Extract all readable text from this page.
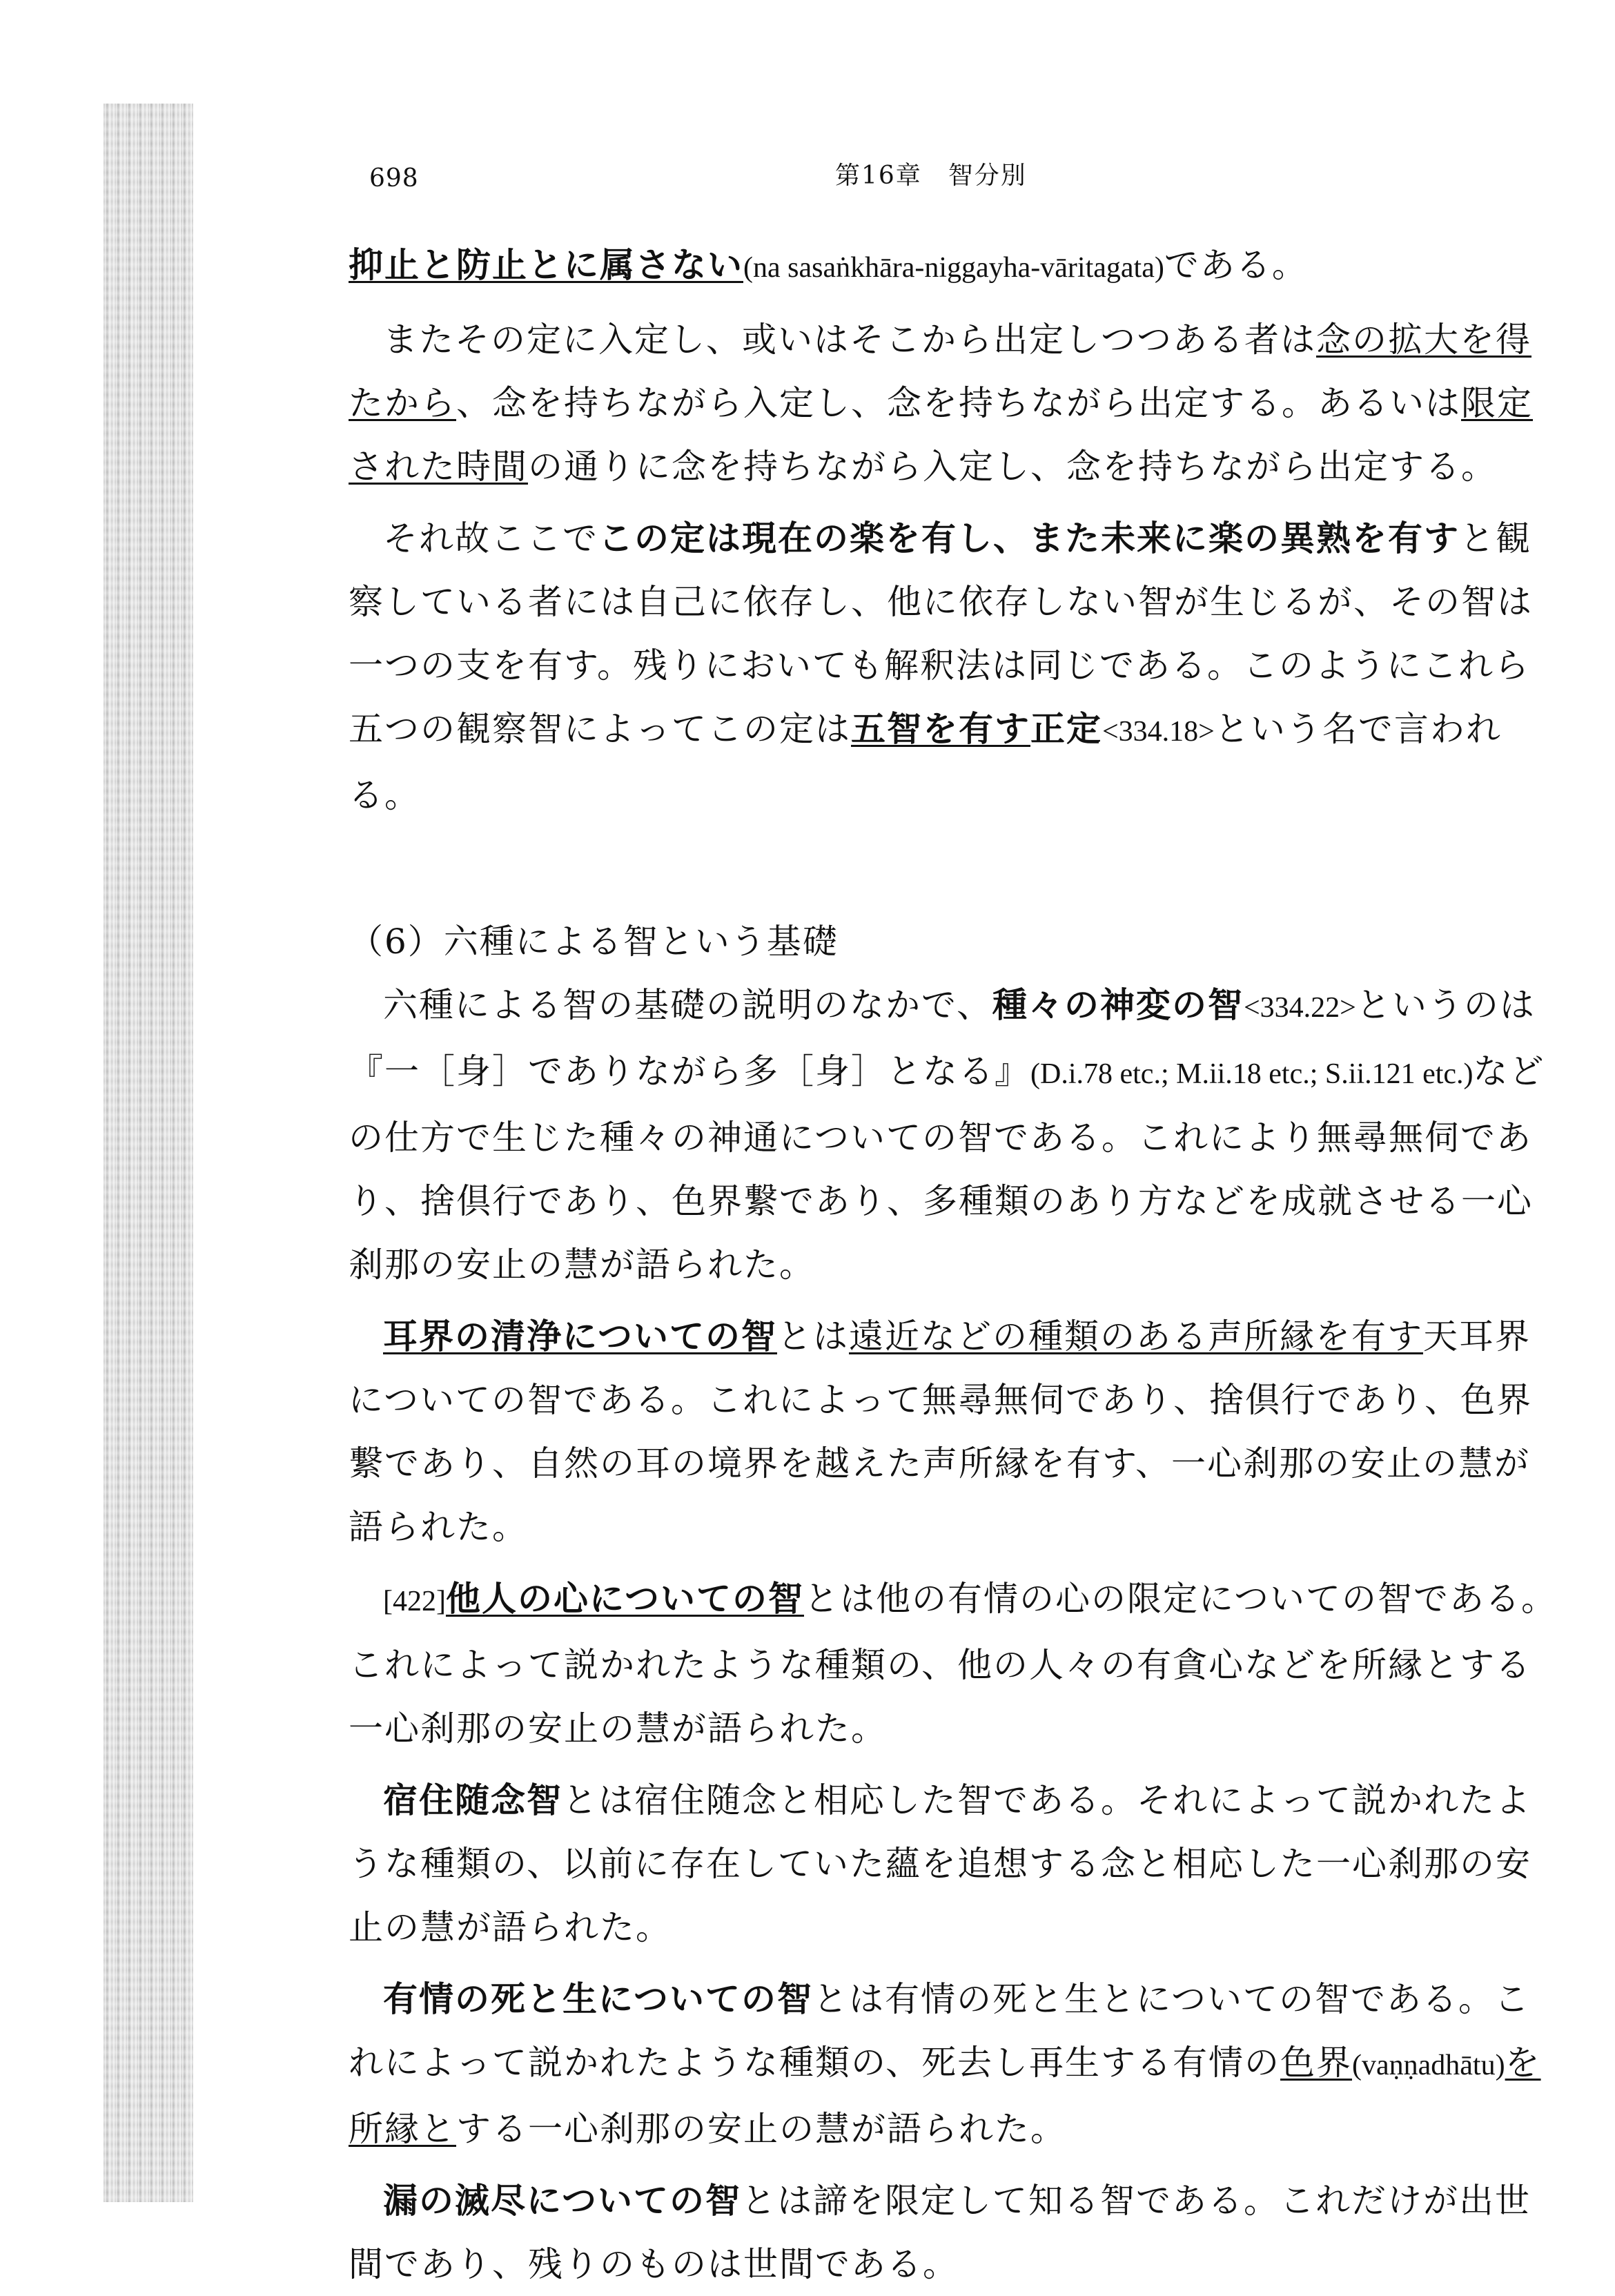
698	第16章　智分別

抑止と防止とに属さない(na sasaṅkhāra-niggayha-vāritagata)である。

またその定に入定し、或いはそこから出定しつつある者は念の拡大を得たから、念を持ちながら入定し、念を持ちながら出定する。あるいは限定された時間の通りに念を持ちながら入定し、念を持ちながら出定する。

それ故ここでこの定は現在の楽を有し、また未来に楽の異熟を有すと観察している者には自己に依存し、他に依存しない智が生じるが、その智は一つの支を有す。残りにおいても解釈法は同じである。このようにこれら五つの観察智によってこの定は五智を有す正定<334.18>という名で言われる。

（6）六種による智という基礎

六種による智の基礎の説明のなかで、種々の神変の智<334.22>というのは『一［身］でありながら多［身］となる』(D.i.78 etc.; M.ii.18 etc.; S.ii.121 etc.)などの仕方で生じた種々の神通についての智である。これにより無尋無伺であり、捨倶行であり、色界繋であり、多種類のあり方などを成就させる一心刹那の安止の慧が語られた。

耳界の清浄についての智とは遠近などの種類のある声所縁を有す天耳界についての智である。これによって無尋無伺であり、捨倶行であり、色界繋であり、自然の耳の境界を越えた声所縁を有す、一心刹那の安止の慧が語られた。

[422]他人の心についての智とは他の有情の心の限定についての智である。これによって説かれたような種類の、他の人々の有貪心などを所縁とする一心刹那の安止の慧が語られた。

宿住随念智とは宿住随念と相応した智である。それによって説かれたような種類の、以前に存在していた蘊を追想する念と相応した一心刹那の安止の慧が語られた。

有情の死と生についての智とは有情の死と生とについての智である。これによって説かれたような種類の、死去し再生する有情の色界(vaṇṇadhātu)を所縁とする一心刹那の安止の慧が語られた。

漏の滅尽についての智とは諦を限定して知る智である。これだけが出世間であり、残りのものは世間である。
